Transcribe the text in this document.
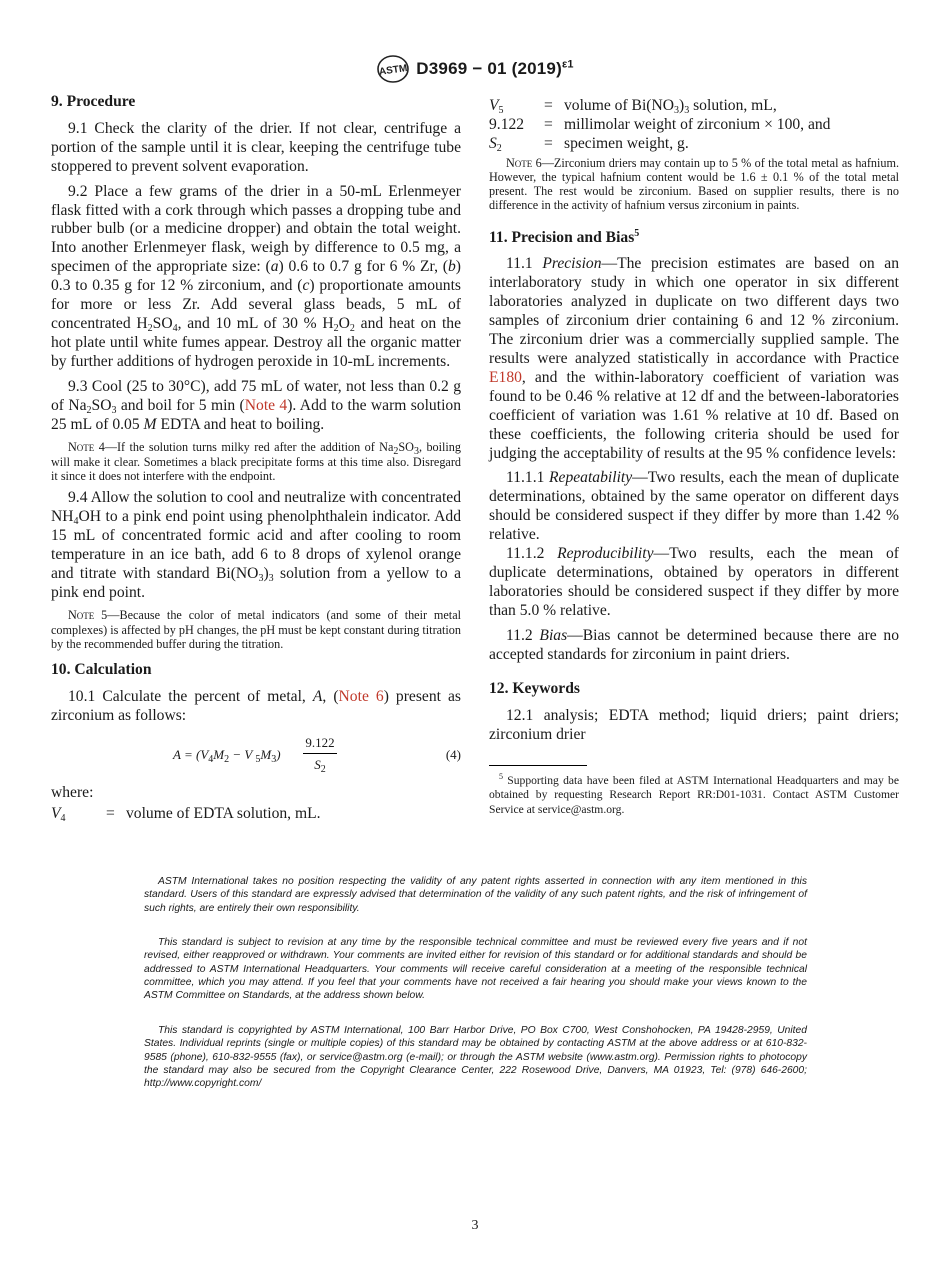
ASTM D3969 − 01 $(2019)^{\varepsilon 1}$
9. Procedure

9.1 Check the clarity of the drier. If not clear, centrifuge a portion of the sample until it is clear, keeping the centrifuge tube stoppered to prevent solvent evaporation.

9.2 Place a few grams of the drier in a 50-mL Erlenmeyer flask fitted with a cork through which passes a dropping tube and rubber bulb (or a medicine dropper) and obtain the total weight. Into another Erlenmeyer flask, weigh by difference to 0.5 mg, a specimen of the appropriate size: (a) 0.6 to 0.7 g for 6 % Zr, (b) 0.3 to 0.35 g for 12 % zirconium, and (c) proportionate amounts for more or less Zr. Add several glass beads, 5 mL of concentrated $H_2SO_4$, and 10 mL of 30 % $H_2O_2$ and heat on the hot plate until white fumes appear. Destroy all the organic matter by further additions of hydrogen peroxide in 10-mL increments.

9.3 Cool (25 to 30°C), add 75 mL of water, not less than 0.2 g of $Na_2SO_3$ and boil for 5 min (Note 4). Add to the warm solution 25 mL of 0.05 M EDTA and heat to boiling.

Note 4—If the solution turns milky red after the addition of $Na_2SO_3$, boiling will make it clear. Sometimes a black precipitate forms at this time also. Disregard it since it does not interfere with the endpoint.

9.4 Allow the solution to cool and neutralize with concentrated $NH_4OH$ to a pink end point using phenolphthalein indicator. Add 15 mL of concentrated formic acid and after cooling to room temperature in an ice bath, add 6 to 8 drops of xylenol orange and titrate with standard $Bi(NO_3)_3$ solution from a yellow to a pink end point.

Note 5—Because the color of metal indicators (and some of their metal complexes) is affected by pH changes, the pH must be kept constant during titration by the recommended buffer during the titration.

10. Calculation

10.1 Calculate the percent of metal, A, (Note 6) present as zirconium as follows:

$A = (V_4M_2 - V$ $_5M_3$)
9.122
$S_2$
(4)

where:

$V_4$	= volume of EDTA solution, mL.
$V_5$	= volume of $Bi(NO_3)_3$ solution, mL,
9.122	= millimolar weight of zirconium × 100, and
$S_2$	= specimen weight, g.

Note 6—Zirconium driers may contain up to 5 % of the total metal as hafnium. However, the typical hafnium content would be 1.6 ± 0.1 % of the total metal present. The rest would be zirconium. Based on supplier results, there is no difference in the activity of hafnium versus zirconium in paints.

11. Precision and Bias$^5$

11.1 Precision—The precision estimates are based on an interlaboratory study in which one operator in six different laboratories analyzed in duplicate on two different days two samples of zirconium drier containing 6 and 12 % zirconium. The zirconium drier was a commercially supplied sample. The results were analyzed statistically in accordance with Practice E180, and the within-laboratory coefficient of variation was found to be 0.46 % relative at 12 df and the between-laboratories coefficient of variation was 1.61 % relative at 10 df. Based on these coefficients, the following criteria should be used for judging the acceptability of results at the 95 % confidence levels:

11.1.1 Repeatability—Two results, each the mean of duplicate determinations, obtained by the same operator on different days should be considered suspect if they differ by more than 1.42 % relative.

11.1.2 Reproducibility—Two results, each the mean of duplicate determinations, obtained by operators in different laboratories should be considered suspect if they differ by more than 5.0 % relative.

11.2 Bias—Bias cannot be determined because there are no accepted standards for zirconium in paint driers.

12. Keywords

12.1 analysis; EDTA method; liquid driers; paint driers; zirconium drier

$^5$ Supporting data have been filed at ASTM International Headquarters and may be obtained by requesting Research Report RR:D01-1031. Contact ASTM Customer Service at service@astm.org.

ASTM International takes no position respecting the validity of any patent rights asserted in connection with any item mentioned in this standard. Users of this standard are expressly advised that determination of the validity of any such patent rights, and the risk of infringement of such rights, are entirely their own responsibility.

This standard is subject to revision at any time by the responsible technical committee and must be reviewed every five years and if not revised, either reapproved or withdrawn. Your comments are invited either for revision of this standard or for additional standards and should be addressed to ASTM International Headquarters. Your comments will receive careful consideration at a meeting of the responsible technical committee, which you may attend. If you feel that your comments have not received a fair hearing you should make your views known to the ASTM Committee on Standards, at the address shown below.

This standard is copyrighted by ASTM International, 100 Barr Harbor Drive, PO Box C700, West Conshohocken, PA 19428-2959, United States. Individual reprints (single or multiple copies) of this standard may be obtained by contacting ASTM at the above address or at 610-832-9585 (phone), 610-832-9555 (fax), or service@astm.org (e-mail); or through the ASTM website (www.astm.org). Permission rights to photocopy the standard may also be secured from the Copyright Clearance Center, 222 Rosewood Drive, Danvers, MA 01923, Tel: (978) 646-2600; http://www.copyright.com/

3
